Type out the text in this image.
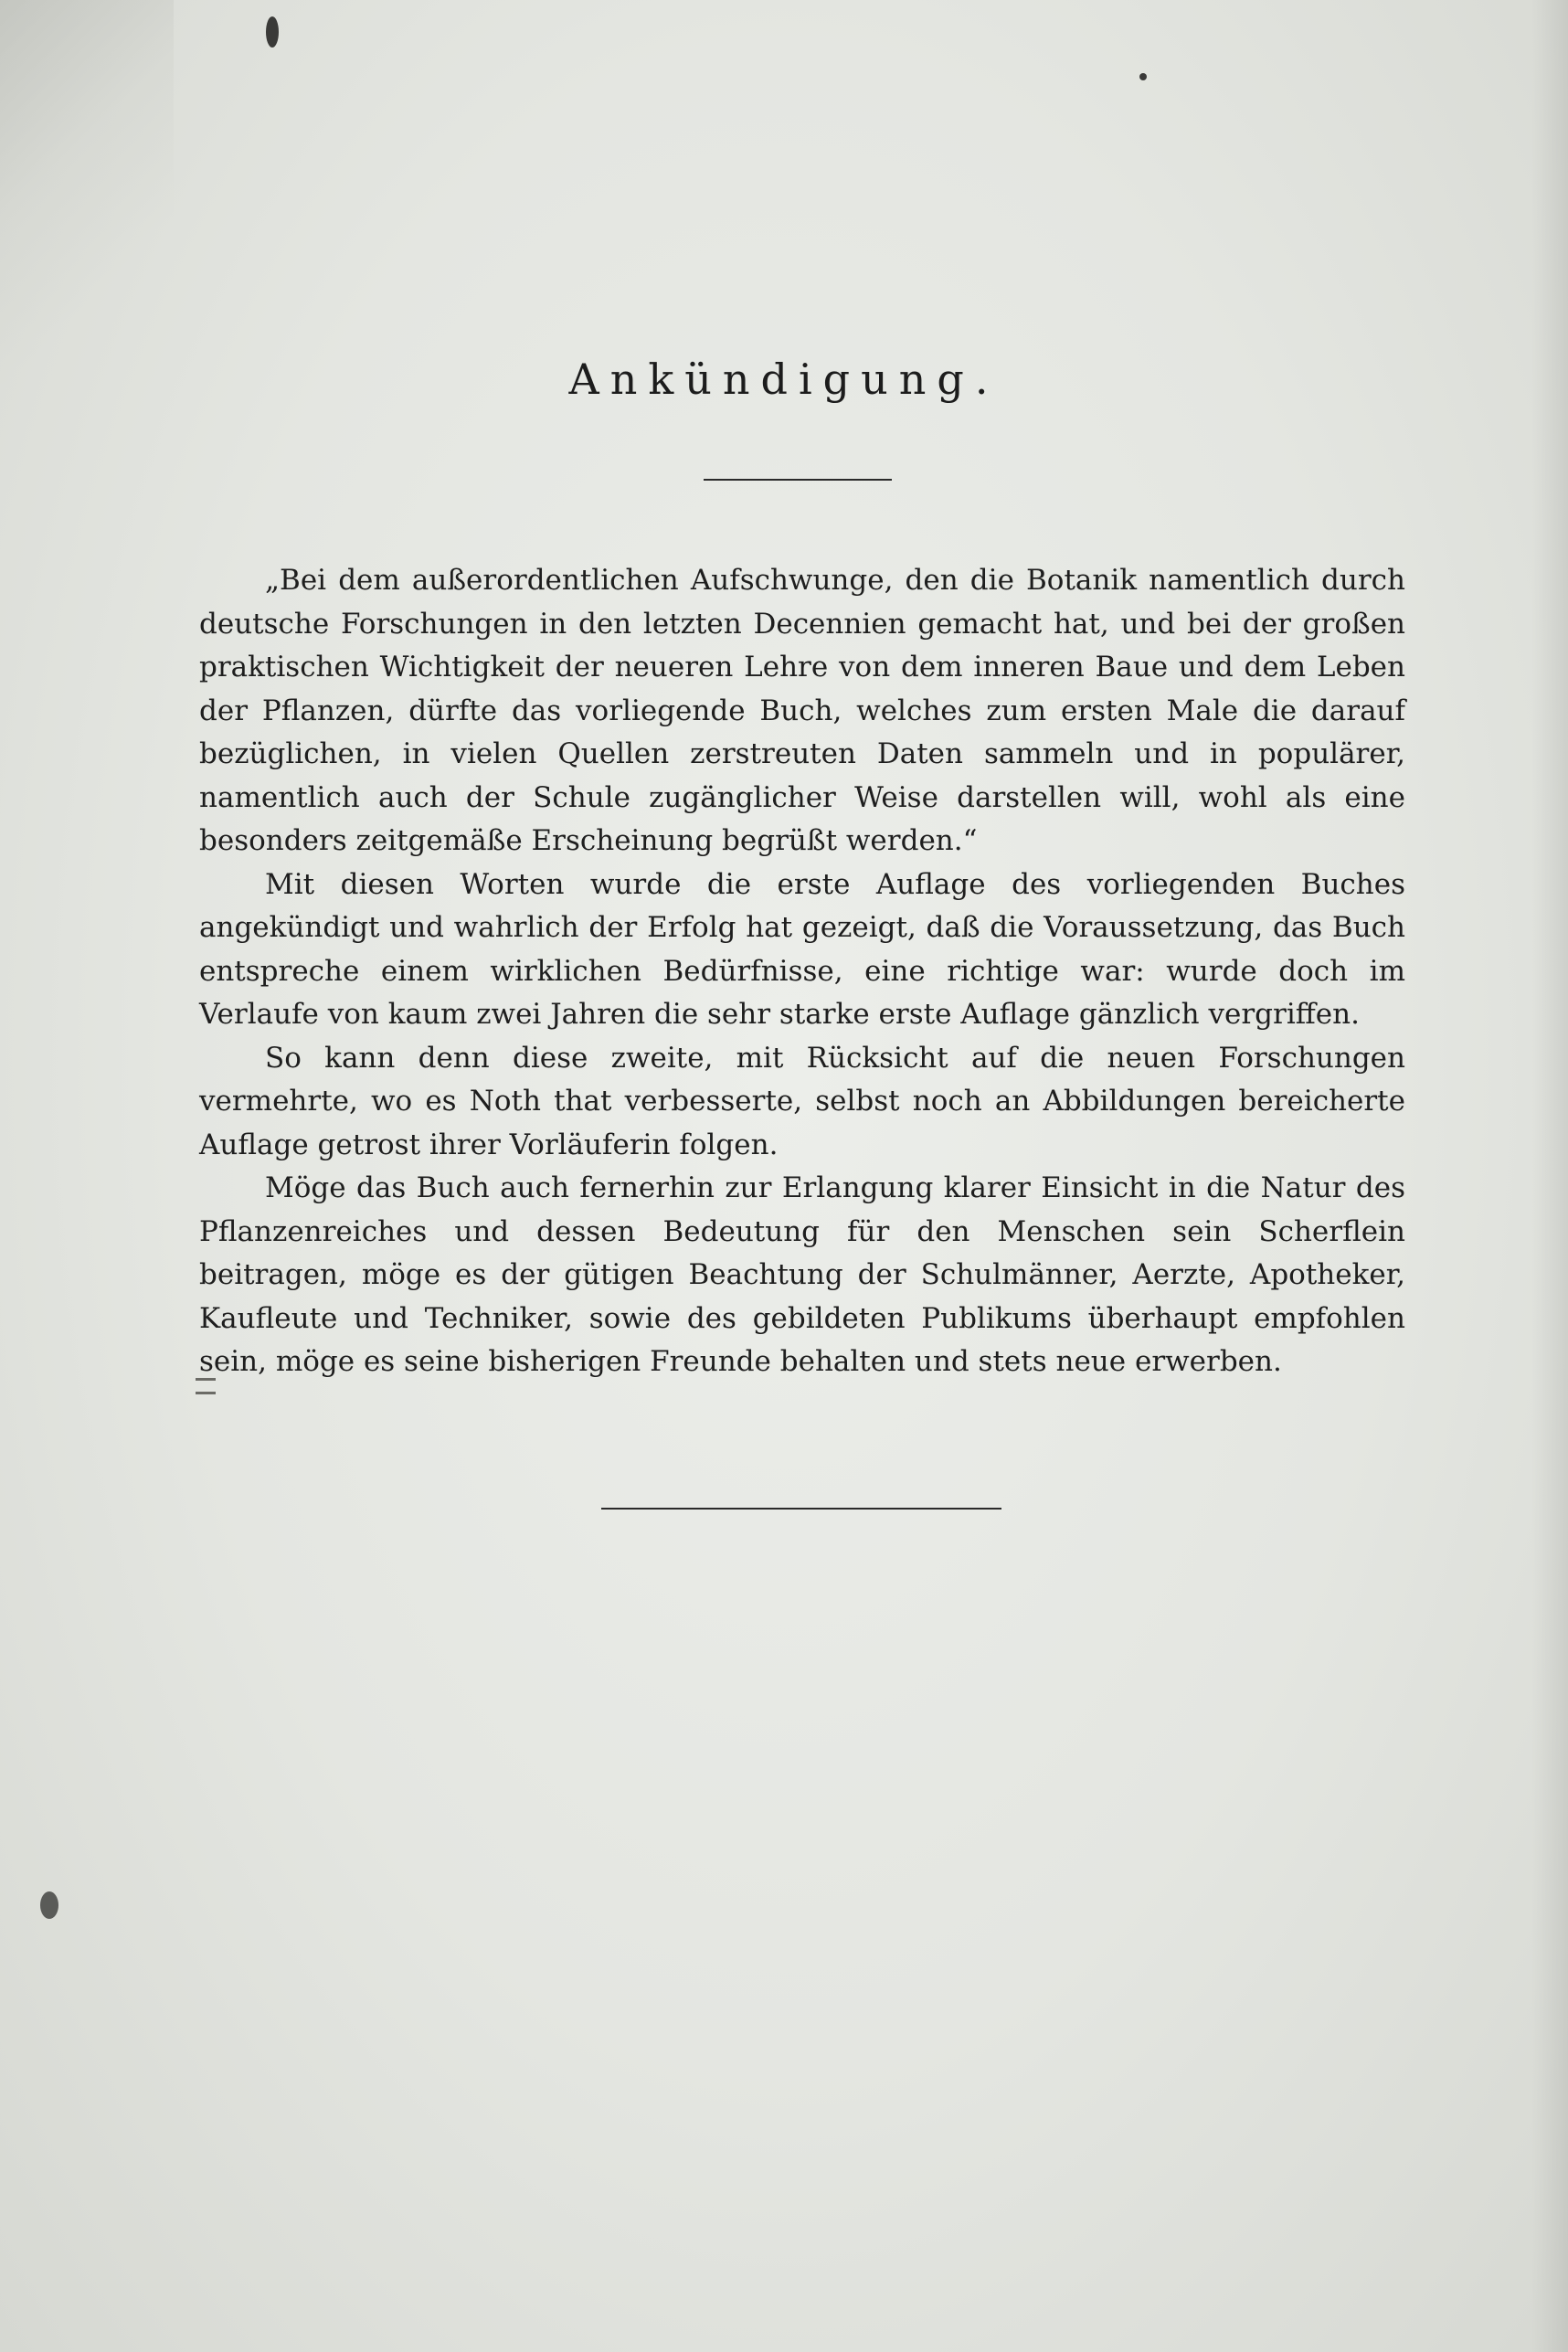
Ankündigung.

„Bei dem außerordentlichen Aufschwunge, den die Botanik namentlich durch deutsche Forschungen in den letzten Decennien gemacht hat, und bei der großen praktischen Wichtigkeit der neueren Lehre von dem inneren Baue und dem Leben der Pflanzen, dürfte das vorliegende Buch, welches zum ersten Male die darauf bezüglichen, in vielen Quellen zerstreuten Daten sammeln und in populärer, namentlich auch der Schule zugänglicher Weise darstellen will, wohl als eine besonders zeitgemäße Erscheinung begrüßt werden.“

Mit diesen Worten wurde die erste Auflage des vorliegenden Buches angekündigt und wahrlich der Erfolg hat gezeigt, daß die Voraussetzung, das Buch entspreche einem wirklichen Bedürfnisse, eine richtige war: wurde doch im Verlaufe von kaum zwei Jahren die sehr starke erste Auflage gänzlich vergriffen.

So kann denn diese zweite, mit Rücksicht auf die neuen Forschungen vermehrte, wo es Noth that verbesserte, selbst noch an Abbildungen bereicherte Auflage getrost ihrer Vorläuferin folgen.

Möge das Buch auch fernerhin zur Erlangung klarer Einsicht in die Natur des Pflanzenreiches und dessen Bedeutung für den Menschen sein Scherflein beitragen, möge es der gütigen Beachtung der Schulmänner, Aerzte, Apotheker, Kaufleute und Techniker, sowie des gebildeten Publikums überhaupt empfohlen sein, möge es seine bisherigen Freunde behalten und stets neue erwerben.
